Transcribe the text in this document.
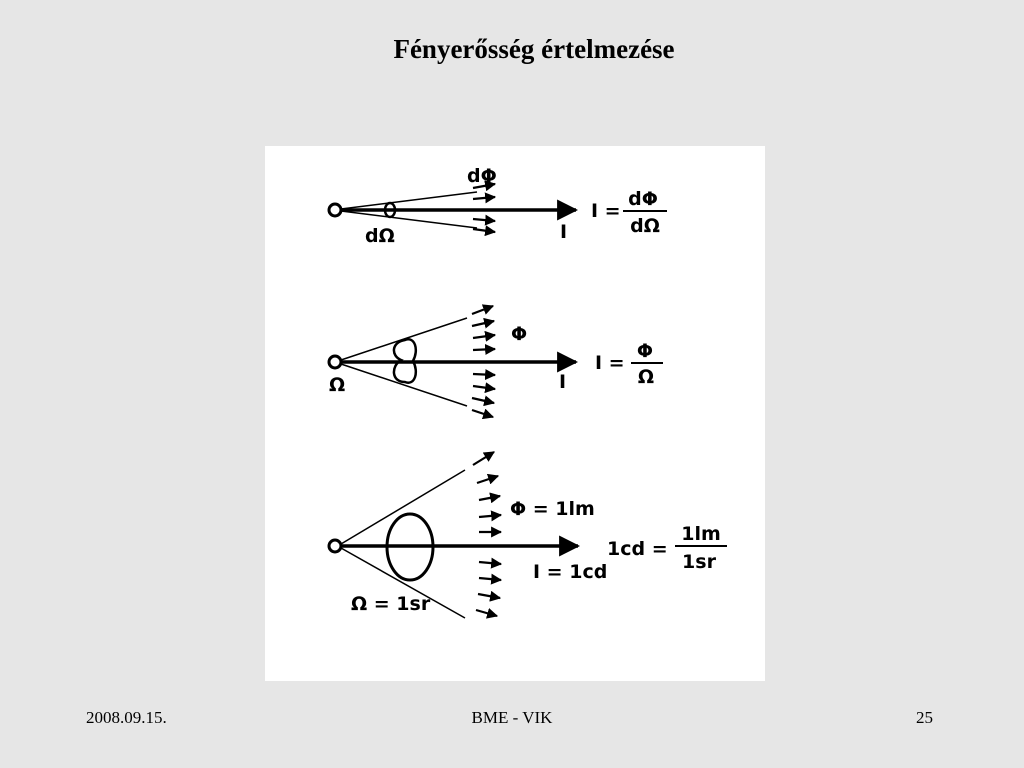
Fényerősség értelmezése
dΦ
dΩ	I
I =
dΦ
dΩ
Φ
Ω	I
I =
Φ
Ω
Φ = 1lm
Ω = 1sr
I = 1cd
1cd =
1lm
1sr
2008.09.15.	BME - VIK	25
